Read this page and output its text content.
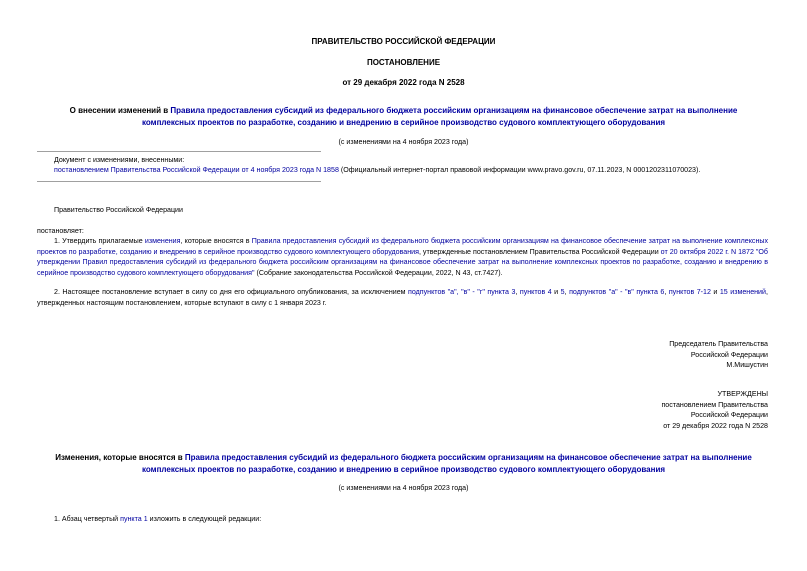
ПРАВИТЕЛЬСТВО РОССИЙСКОЙ ФЕДЕРАЦИИ
ПОСТАНОВЛЕНИЕ
от 29 декабря 2022 года N 2528
О внесении изменений в Правила предоставления субсидий из федерального бюджета российским организациям на финансовое обеспечение затрат на выполнение комплексных проектов по разработке, созданию и внедрению в серийное производство судового комплектующего оборудования
(с изменениями на 4 ноября 2023 года)
Документ с изменениями, внесенными:
постановлением Правительства Российской Федерации от 4 ноября 2023 года N 1858 (Официальный интернет-портал правовой информации www.pravo.gov.ru, 07.11.2023, N 0001202311070023).
Правительство Российской Федерации
постановляет:
1. Утвердить прилагаемые изменения, которые вносятся в Правила предоставления субсидий из федерального бюджета российским организациям на финансовое обеспечение затрат на выполнение комплексных проектов по разработке, созданию и внедрению в серийное производство судового комплектующего оборудования, утвержденные постановлением Правительства Российской Федерации от 20 октября 2022 г. N 1872 "Об утверждении Правил предоставления субсидий из федерального бюджета российским организациям на финансовое обеспечение затрат на выполнение комплексных проектов по разработке, созданию и внедрению в серийное производство судового комплектующего оборудования" (Собрание законодательства Российской Федерации, 2022, N 43, ст.7427).
2. Настоящее постановление вступает в силу со дня его официального опубликования, за исключением подпунктов "а", "в" - "г" пункта 3, пунктов 4 и 5, подпунктов "а" - "в" пункта 6, пунктов 7-12 и 15 изменений, утвержденных настоящим постановлением, которые вступают в силу с 1 января 2023 г.
Председатель Правительства
Российской Федерации
М.Мишустин
УТВЕРЖДЕНЫ
постановлением Правительства
Российской Федерации
от 29 декабря 2022 года N 2528
Изменения, которые вносятся в Правила предоставления субсидий из федерального бюджета российским организациям на финансовое обеспечение затрат на выполнение комплексных проектов по разработке, созданию и внедрению в серийное производство судового комплектующего оборудования
(с изменениями на 4 ноября 2023 года)
1. Абзац четвертый пункта 1 изложить в следующей редакции:
